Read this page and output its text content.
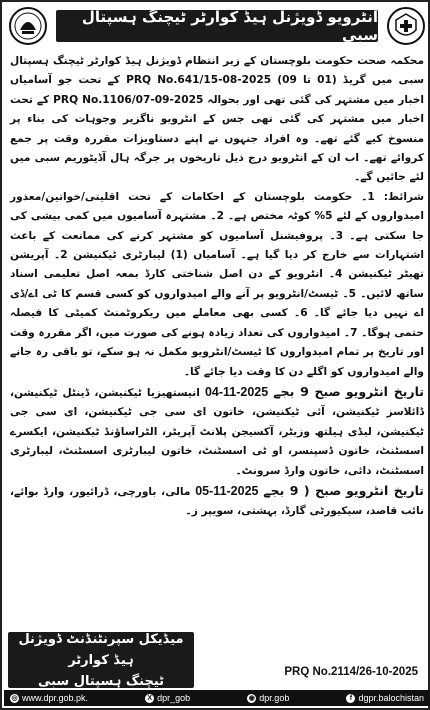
انٹرویو ڈویژنل ہیڈ کوارٹر ٹیچنگ ہسپتال سبی

محکمہ صحت حکومت بلوچستان کے زیر انتظام ڈویژنل ہیڈ کوارٹر ٹیچنگ ہسپتال سبی میں گریڈ (01 تا 09) PRQ No.641/15-08-2025 کے تحت جو آسامیاں اخبار میں مشتہر کی گئی تھی اور بحوالہ PRQ No.1106/07-09-2025 کے تحت اخبار میں مشتہر کی گئی تھی جس کے انٹرویو ناگزیر وجوہات کی بناء پر منسوخ کیے گئے تھے۔ وہ افراد جنہوں نے اپنے دستاویزات مقررہ وقت پر جمع کروائے تھے۔ اب ان کے انٹرویو درج ذیل تاریخوں پر جرگہ ہال آڈیٹوریم سبی میں لئے جائیں گے۔

شرائط: 1۔ حکومت بلوچستان کے احکامات کے تحت اقلیتی/خواتین/معذور امیدواروں کے لئے 5% کوٹہ مختص ہے۔ 2۔ مشتہرہ آسامیوں میں کمی بیشی کی جا سکتی ہے۔ 3۔ پروفیشنل آسامیوں کو مشتہر کرنے کی ممانعت کے باعث اشتہارات سے خارج کر دیا گیا ہے۔ آسامیاں (1) لیبارٹری ٹیکنیشن 2۔ آپریشن تھیٹر ٹیکنیشن 4۔ انٹرویو کے دن اصل شناختی کارڈ بمعہ اصل تعلیمی اسناد ساتھ لائیں۔ 5۔ ٹیسٹ/انٹرویو پر آنے والے امیدواروں کو کسی قسم کا ٹی اے/ڈی اے نہیں دیا جائے گا۔ 6۔ کسی بھی معاملے میں ریکروٹمنٹ کمیٹی کا فیصلہ حتمی ہوگا۔ 7۔ امیدواروں کی تعداد زیادہ ہونے کی صورت میں، اگر مقررہ وقت اور تاریخ پر تمام امیدواروں کا ٹیسٹ/انٹرویو مکمل نہ ہو سکے، تو باقی رہ جانے والے امیدواروں کو اگلے دن کا وقت دیا جائے گا۔

تاریخ انٹرویو صبح 9 بجے 04-11-2025 انیستھیزیا ٹیکنیشن، ڈینٹل ٹیکنیشن، ڈائلاسز ٹیکنیشن، آئی ٹیکنیشن، خاتون ای سی جی ٹیکنیشن، ای سی جی ٹیکنیشن، لیڈی ہیلتھ وزیٹر، آکسیجن پلانٹ آپریٹر، الٹراساؤنڈ ٹیکنیشن، ایکسرے اسسٹنٹ، خاتون ڈسپنسر، او ٹی اسسٹنٹ، خاتون لیبارٹری اسسٹنٹ، لیبارٹری اسسٹنٹ، دائی، خاتون وارڈ سرونٹ۔

تاریخ انٹرویو صبح ( 9 بجے 05-11-2025 مالی، باورچی، ڈرائیور، وارڈ بوائے، نائب قاصد، سیکیورٹی گارڈ، بہشتی، سویپر ز۔

میڈیکل سپرنٹنڈنٹ ڈویژنل ہیڈ کوارٹر
ٹیچنگ ہسپتال سبی
PRQ No.2114/26-10-2025
◎ www.dpr.gob.pk.	X dpr_gob	◉ dpr.gob	f dgpr.balochistan
